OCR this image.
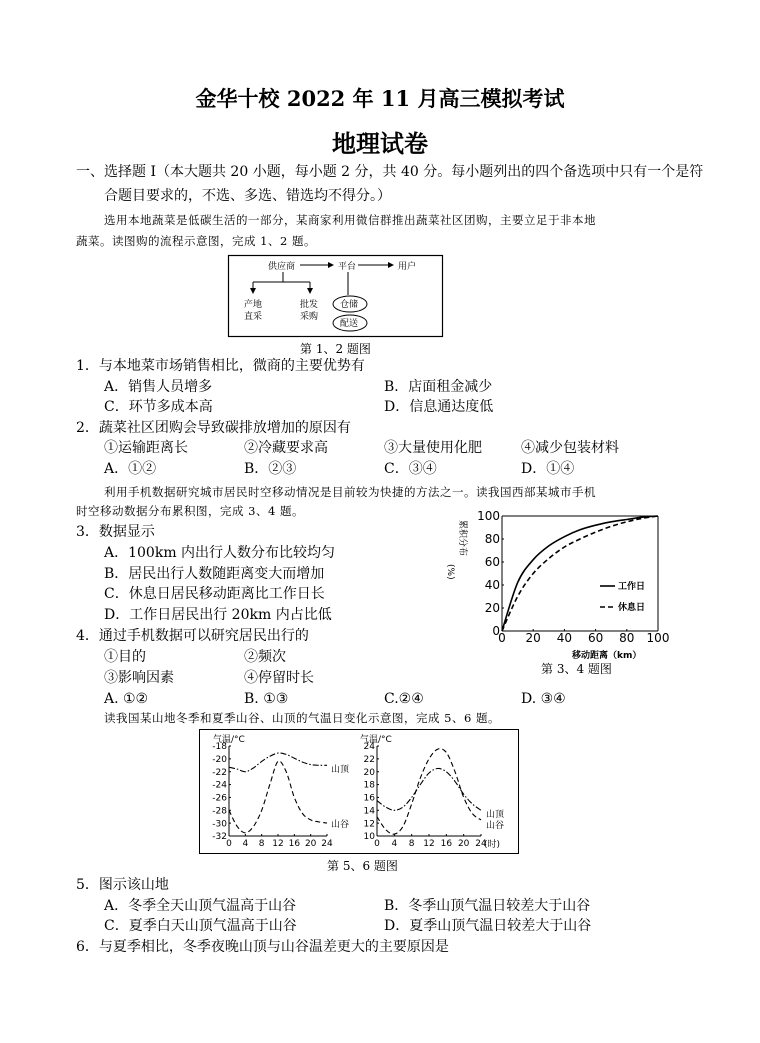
金华十校 2022 年 11 月高三模拟考试
地理试卷
一、选择题 I（本大题共 20 小题，每小题 2 分，共 40 分。每小题列出的四个备选项中只有一个是符
合题目要求的，不选、多选、错选均不得分。）
选用本地蔬菜是低碳生活的一部分，某商家利用微信群推出蔬菜社区团购，主要立足于非本地
蔬菜。读图购的流程示意图，完成 1、2 题。
供应商	平台	用户
产地
直采
批发
采购
仓储
配送
第 1、2 题图
1．与本地菜市场销售相比，微商的主要优势有
A．销售人员增多	B．店面租金减少
C．环节多成本高	D．信息通达度低
2．蔬菜社区团购会导致碳排放增加的原因有
①运输距离长	②冷藏要求高	③大量使用化肥	④减少包装材料
A．①②	B．②③	C．③④	D．①④
利用手机数据研究城市居民时空移动情况是目前较为快捷的方法之一。读我国西部某城市手机
时空移动数据分布累积图，完成 3、4 题。
3．数据显示
A．100km 内出行人数分布比较均匀
B．居民出行人数随距离变大而增加
C．休息日居民移动距离比工作日长
D．工作日居民出行 20km 内占比低
4．通过手机数据可以研究居民出行的
①目的	②频次
③影响因素	④停留时长
A. ①②	B. ①③	C.②④	D. ③④
累积分布
(%)
0 20 40 60 80 100
0
20
40
60
80
100
移动距离（km）
工作日
休息日
第 3、4 题图
读我国某山地冬季和夏季山谷、山顶的气温日变化示意图，完成 5、6 题。
气温/°C	气温/°C
0 4 8 12 16 20 24
-18
-20
-22
-24
-26
-28
-30
-32
0 4 8 12 16 20 24
24
22
20
18
16
14
12
10
山顶
山谷
山顶
山谷
(时)
第 5、6 题图
5．图示该山地
A．冬季全天山顶气温高于山谷	B．冬季山顶气温日较差大于山谷
C．夏季白天山顶气温高于山谷	D．夏季山顶气温日较差大于山谷
6．与夏季相比，冬季夜晚山顶与山谷温差更大的主要原因是
